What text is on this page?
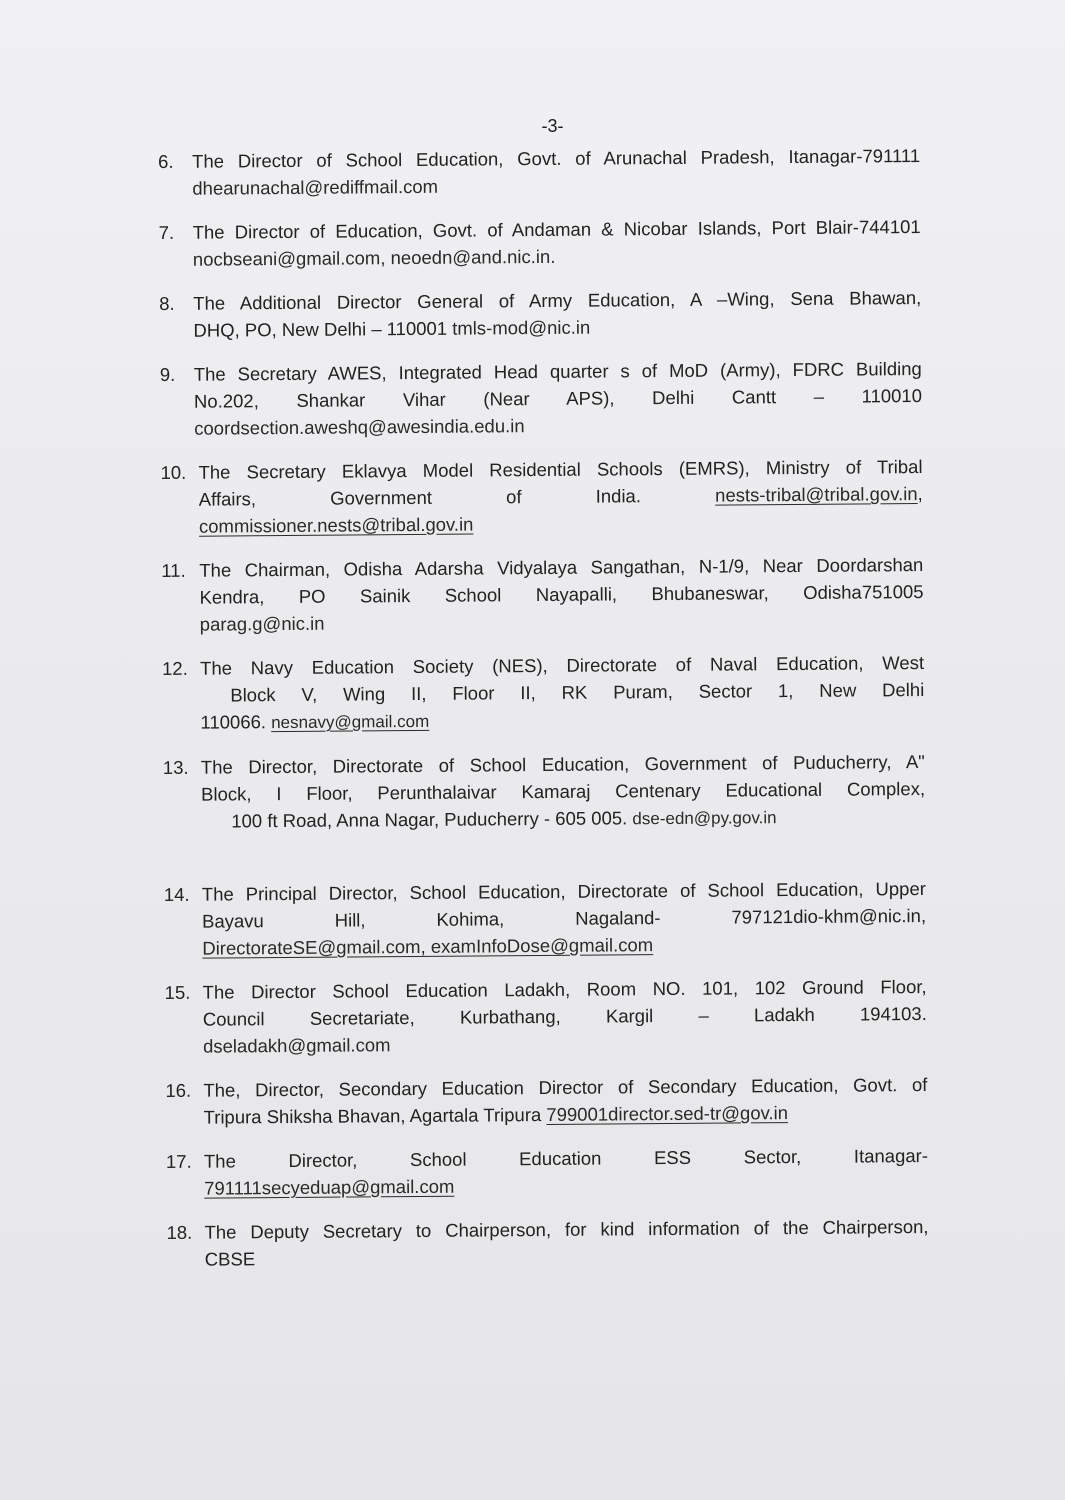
-3-
6. The Director of School Education, Govt. of Arunachal Pradesh, Itanagar-791111
dhearunachal@rediffmail.com
7. The Director of Education, Govt. of Andaman & Nicobar Islands, Port Blair-744101
nocbseani@gmail.com, neoedn@and.nic.in.
8. The Additional Director General of Army Education, A –Wing, Sena Bhawan,
DHQ, PO, New Delhi – 110001 tmls-mod@nic.in
9. The Secretary AWES, Integrated Head quarter s of MoD (Army), FDRC Building
No.202, Shankar Vihar (Near APS), Delhi Cantt – 110010
coordsection.aweshq@awesindia.edu.in
10. The Secretary Eklavya Model Residential Schools (EMRS), Ministry of Tribal
Affairs, Government of India.	nests-tribal@tribal.gov.in,
commissioner.nests@tribal.gov.in
11. The Chairman, Odisha Adarsha Vidyalaya Sangathan, N-1/9, Near Doordarshan
Kendra, PO Sainik School Nayapalli, Bhubaneswar, Odisha751005
parag.g@nic.in
12. The Navy Education Society (NES), Directorate of Naval Education, West
Block V, Wing II, Floor II, RK Puram, Sector 1, New Delhi
110066. nesnavy@gmail.com
13. The Director, Directorate of School Education, Government of Puducherry, A"
Block, I Floor, Perunthalaivar Kamaraj Centenary Educational Complex,
100 ft Road, Anna Nagar, Puducherry - 605 005. dse-edn@py.gov.in
14. The Principal Director, School Education, Directorate of School Education, Upper
Bayavu Hill, Kohima, Nagaland- 797121dio-khm@nic.in,
DirectorateSE@gmail.com, examInfoDose@gmail.com
15. The Director School Education Ladakh, Room NO. 101, 102 Ground Floor,
Council Secretariate, Kurbathang, Kargil – Ladakh 194103.
dseladakh@gmail.com
16. The, Director, Secondary Education Director of Secondary Education, Govt. of
Tripura Shiksha Bhavan, Agartala Tripura 799001director.sed-tr@gov.in
17. The Director, School Education ESS Sector, Itanagar-
791111secyeduap@gmail.com
18. The Deputy Secretary to Chairperson, for kind information of the Chairperson,
CBSE
